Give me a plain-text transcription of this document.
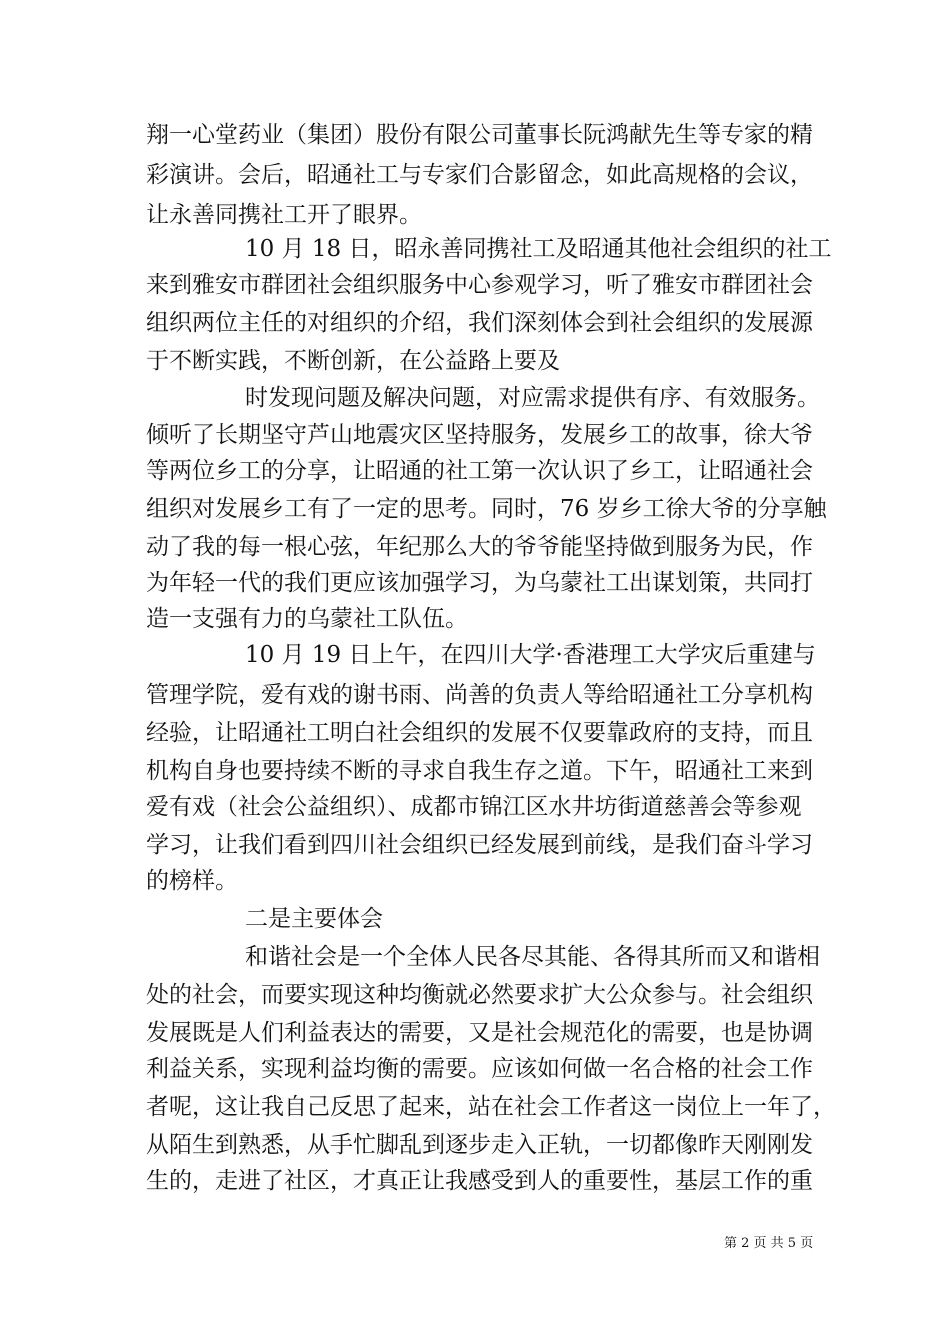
翔一心堂药业（集团）股份有限公司董事长阮鸿献先生等专家的精
彩演讲。会后，昭通社工与专家们合影留念，如此高规格的会议，
让永善同携社工开了眼界。
10 月 18 日，昭永善同携社工及昭通其他社会组织的社工
来到雅安市群团社会组织服务中心参观学习，听了雅安市群团社会
组织两位主任的对组织的介绍，我们深刻体会到社会组织的发展源
于不断实践，不断创新，在公益路上要及
时发现问题及解决问题，对应需求提供有序、有效服务。
倾听了长期坚守芦山地震灾区坚持服务，发展乡工的故事，徐大爷
等两位乡工的分享，让昭通的社工第一次认识了乡工，让昭通社会
组织对发展乡工有了一定的思考。同时，76 岁乡工徐大爷的分享触
动了我的每一根心弦，年纪那么大的爷爷能坚持做到服务为民，作
为年轻一代的我们更应该加强学习，为乌蒙社工出谋划策，共同打
造一支强有力的乌蒙社工队伍。
10 月 19 日上午，在四川大学·香港理工大学灾后重建与
管理学院，爱有戏的谢书雨、尚善的负责人等给昭通社工分享机构
经验，让昭通社工明白社会组织的发展不仅要靠政府的支持，而且
机构自身也要持续不断的寻求自我生存之道。下午，昭通社工来到
爱有戏（社会公益组织）、成都市锦江区水井坊街道慈善会等参观
学习，让我们看到四川社会组织已经发展到前线，是我们奋斗学习
的榜样。
二是主要体会
和谐社会是一个全体人民各尽其能、各得其所而又和谐相
处的社会，而要实现这种均衡就必然要求扩大公众参与。社会组织
发展既是人们利益表达的需要，又是社会规范化的需要，也是协调
利益关系，实现利益均衡的需要。应该如何做一名合格的社会工作
者呢，这让我自己反思了起来，站在社会工作者这一岗位上一年了，
从陌生到熟悉，从手忙脚乱到逐步走入正轨，一切都像昨天刚刚发
生的，走进了社区，才真正让我感受到人的重要性，基层工作的重
第 2 页 共 5 页
